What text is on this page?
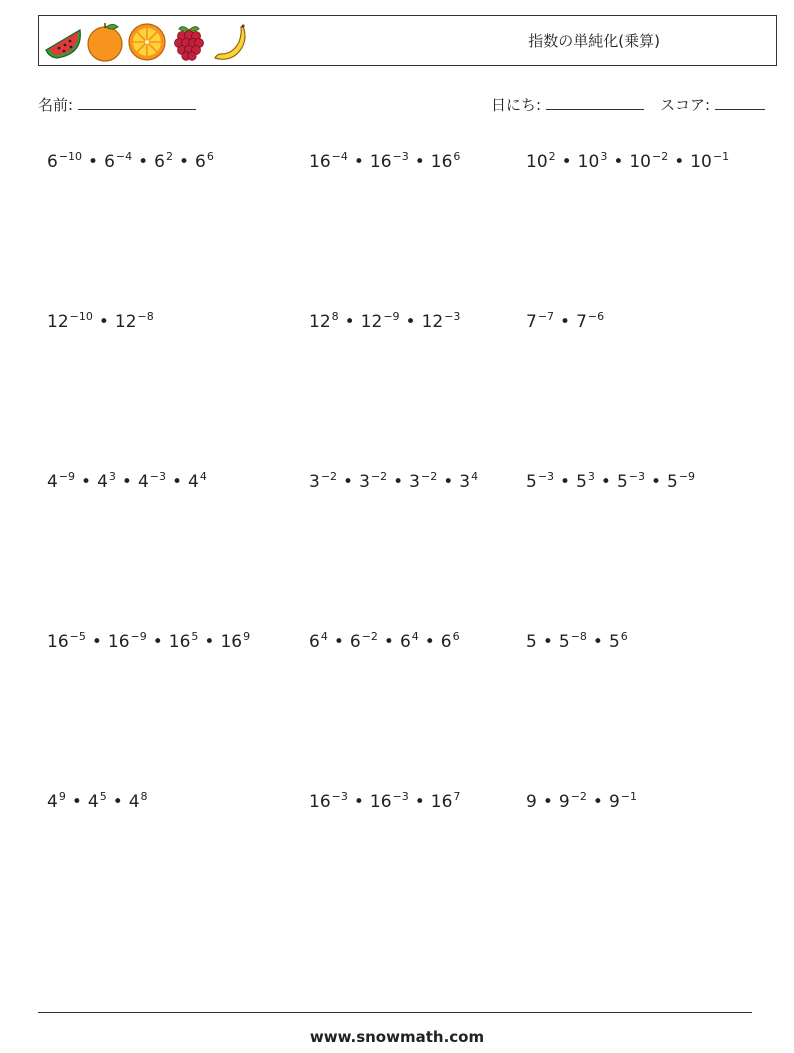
指数の単純化(乗算)
名前:	日にち:	スコア:
$6^{-10}$ • $6^{-4}$ • $6^2$ • $6^6$	$16^{-4}$ • $16^{-3}$ • $16^6$	$10^2$ • $10^3$ • $10^{-2}$ • $10^{-1}$
$12^{-10}$ • $12^{-8}$	$12^8$ • $12^{-9}$ • $12^{-3}$	$7^{-7}$ • $7^{-6}$
$4^{-9}$ • $4^3$ • $4^{-3}$ • $4^4$	$3^{-2}$ • $3^{-2}$ • $3^{-2}$ • $3^4$	$5^{-3}$ • $5^3$ • $5^{-3}$ • $5^{-9}$
$16^{-5}$ • $16^{-9}$ • $16^5$ • $16^9$	$6^4$ • $6^{-2}$ • $6^4$ • $6^6$	5 • $5^{-8}$ • $5^6$
$4^9$ • $4^5$ • $4^8$	$16^{-3}$ • $16^{-3}$ • $16^7$	9 • $9^{-2}$ • $9^{-1}$
www.snowmath.com
